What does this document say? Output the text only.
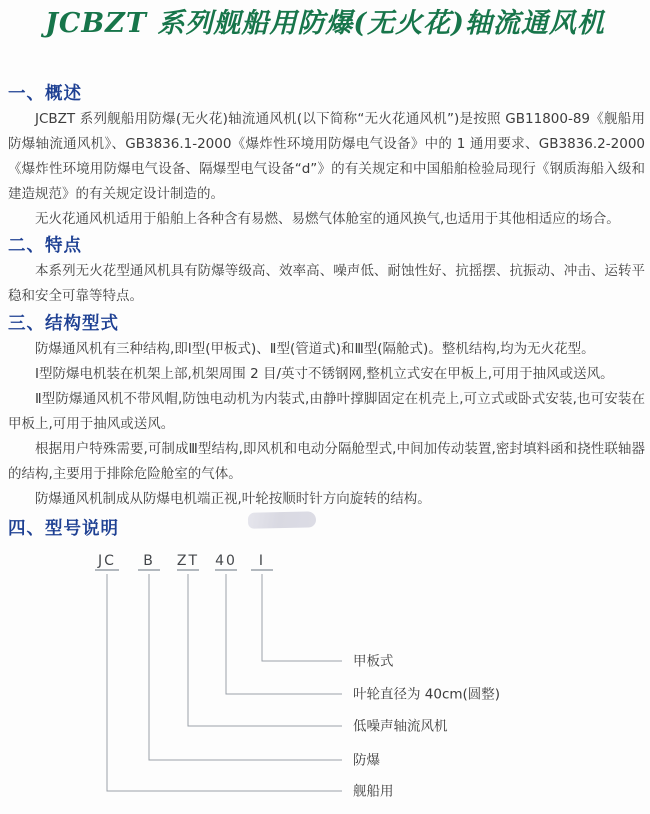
JCBZT 系列舰船用防爆(无火花)轴流通风机
一、概述

JCBZT 系列舰船用防爆(无火花)轴流通风机(以下简称“无火花通风机”)是按照 GB11800-89《舰船用防爆轴流通风机》、GB3836.1-2000《爆炸性环境用防爆电气设备》中的 1 通用要求、GB3836.2-2000《爆炸性环境用防爆电气设备、隔爆型电气设备“d”》的有关规定和中国船舶检验局现行《钢质海船入级和建造规范》的有关规定设计制造的。

无火花通风机适用于船舶上各种含有易燃、易燃气体舱室的通风换气,也适用于其他相适应的场合。

二、特点

本系列无火花型通风机具有防爆等级高、效率高、噪声低、耐蚀性好、抗摇摆、抗振动、冲击、运转平稳和安全可靠等特点。

三、结构型式

防爆通风机有三种结构,即Ⅰ型(甲板式)、Ⅱ型(管道式)和Ⅲ型(隔舱式)。整机结构,均为无火花型。

Ⅰ型防爆电机装在机架上部,机架周围 2 目/英寸不锈钢网,整机立式安在甲板上,可用于抽风或送风。

Ⅱ型防爆通风机不带风帽,防蚀电动机为内装式,由静叶撑脚固定在机壳上,可立式或卧式安装,也可安装在甲板上,可用于抽风或送风。

根据用户特殊需要,可制成Ⅲ型结构,即风机和电动分隔舱型式,中间加传动装置,密封填料函和挠性联轴器的结构,主要用于排除危险舱室的气体。

防爆通风机制成从防爆电机端正视,叶轮按顺时针方向旋转的结构。

四、型号说明
JC B ZT 40 Ⅰ
甲板式
叶轮直径为 40cm(圆整)
低噪声轴流风机
防爆
舰船用
